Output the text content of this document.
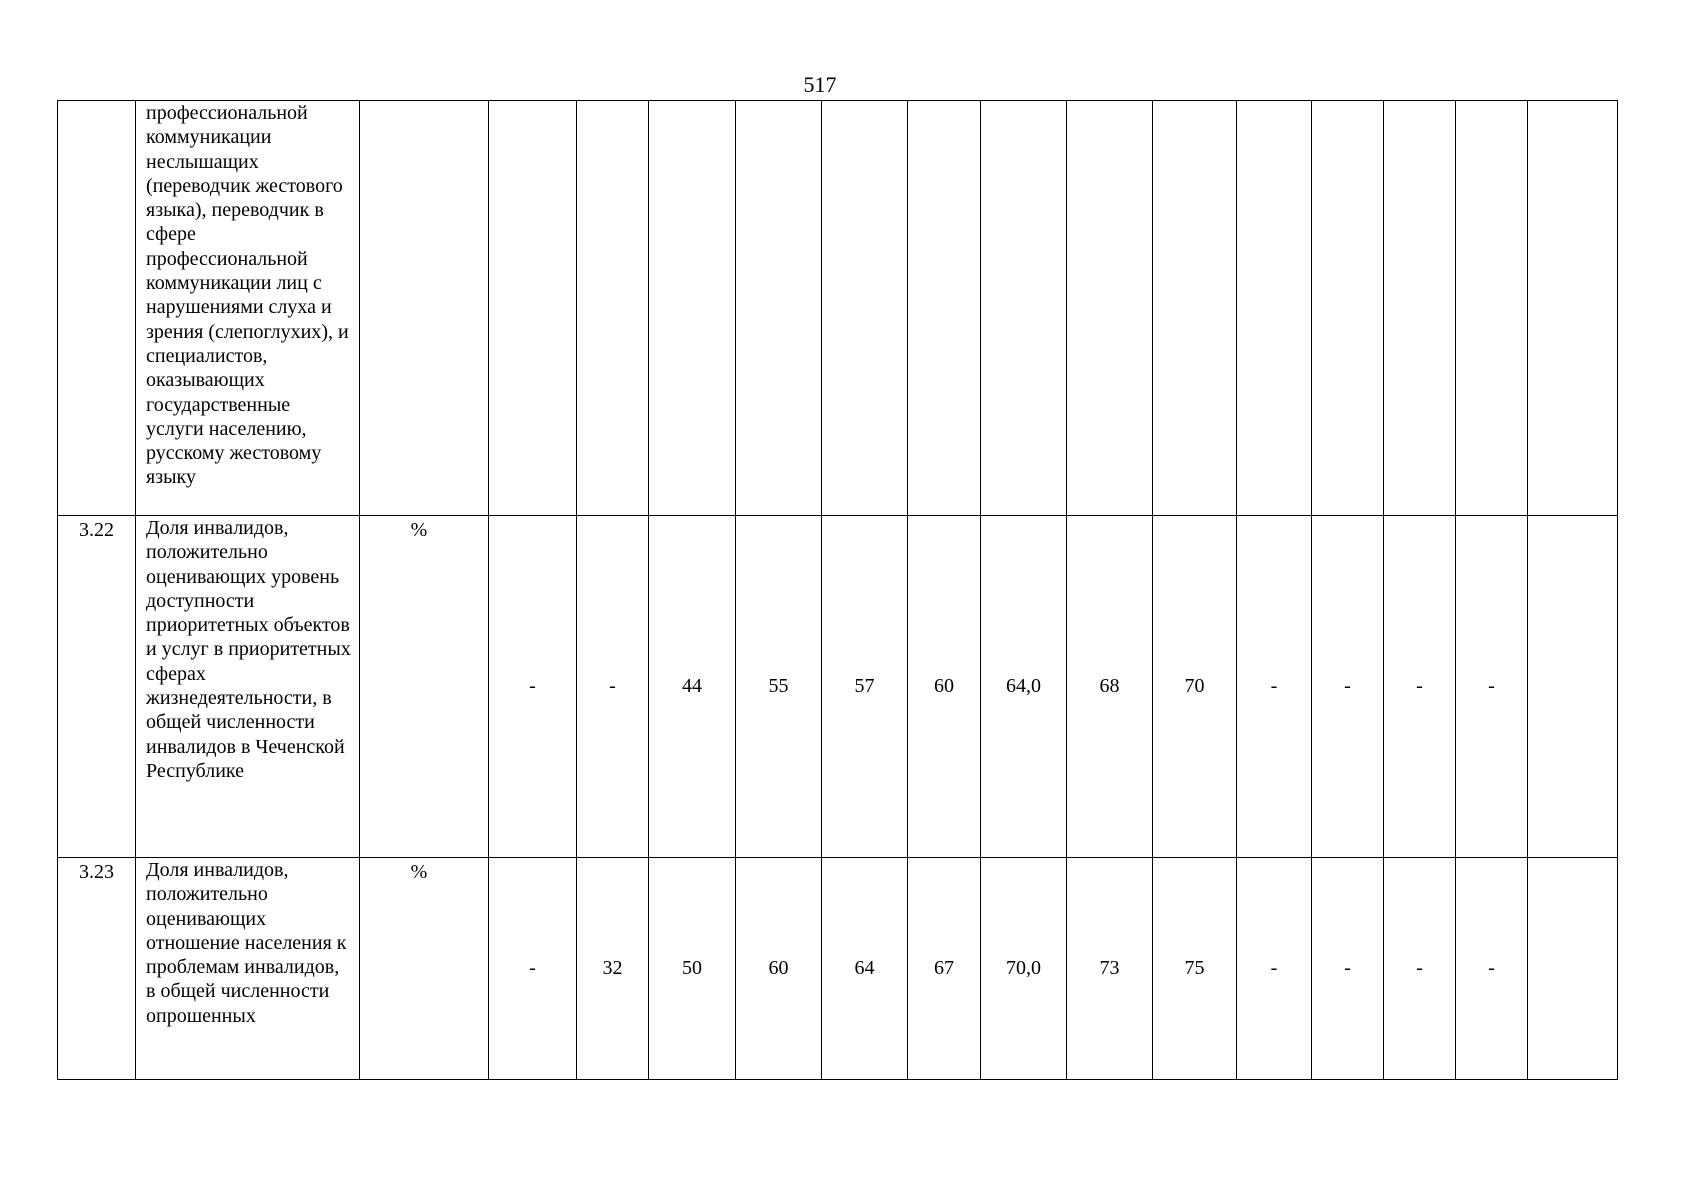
517
	профессиональной коммуникации неслышащих (переводчик жестового языка), переводчик в сфере профессиональной коммуникации лиц с нарушениями слуха и зрения (слепоглухих), и специалистов, оказывающих государственные услуги населению, русскому жестовому языку															
3.22	Доля инвалидов, положительно оценивающих уровень доступности приоритетных объектов и услуг в приоритетных сферах жизнедеятельности, в общей численности инвалидов в Чеченской Республике	%	-	-	44	55	57	60	64,0	68	70	-	-	-	-	
3.23	Доля инвалидов, положительно оценивающих отношение населения к проблемам инвалидов, в общей численности опрошенных	%	-	32	50	60	64	67	70,0	73	75	-	-	-	-	
